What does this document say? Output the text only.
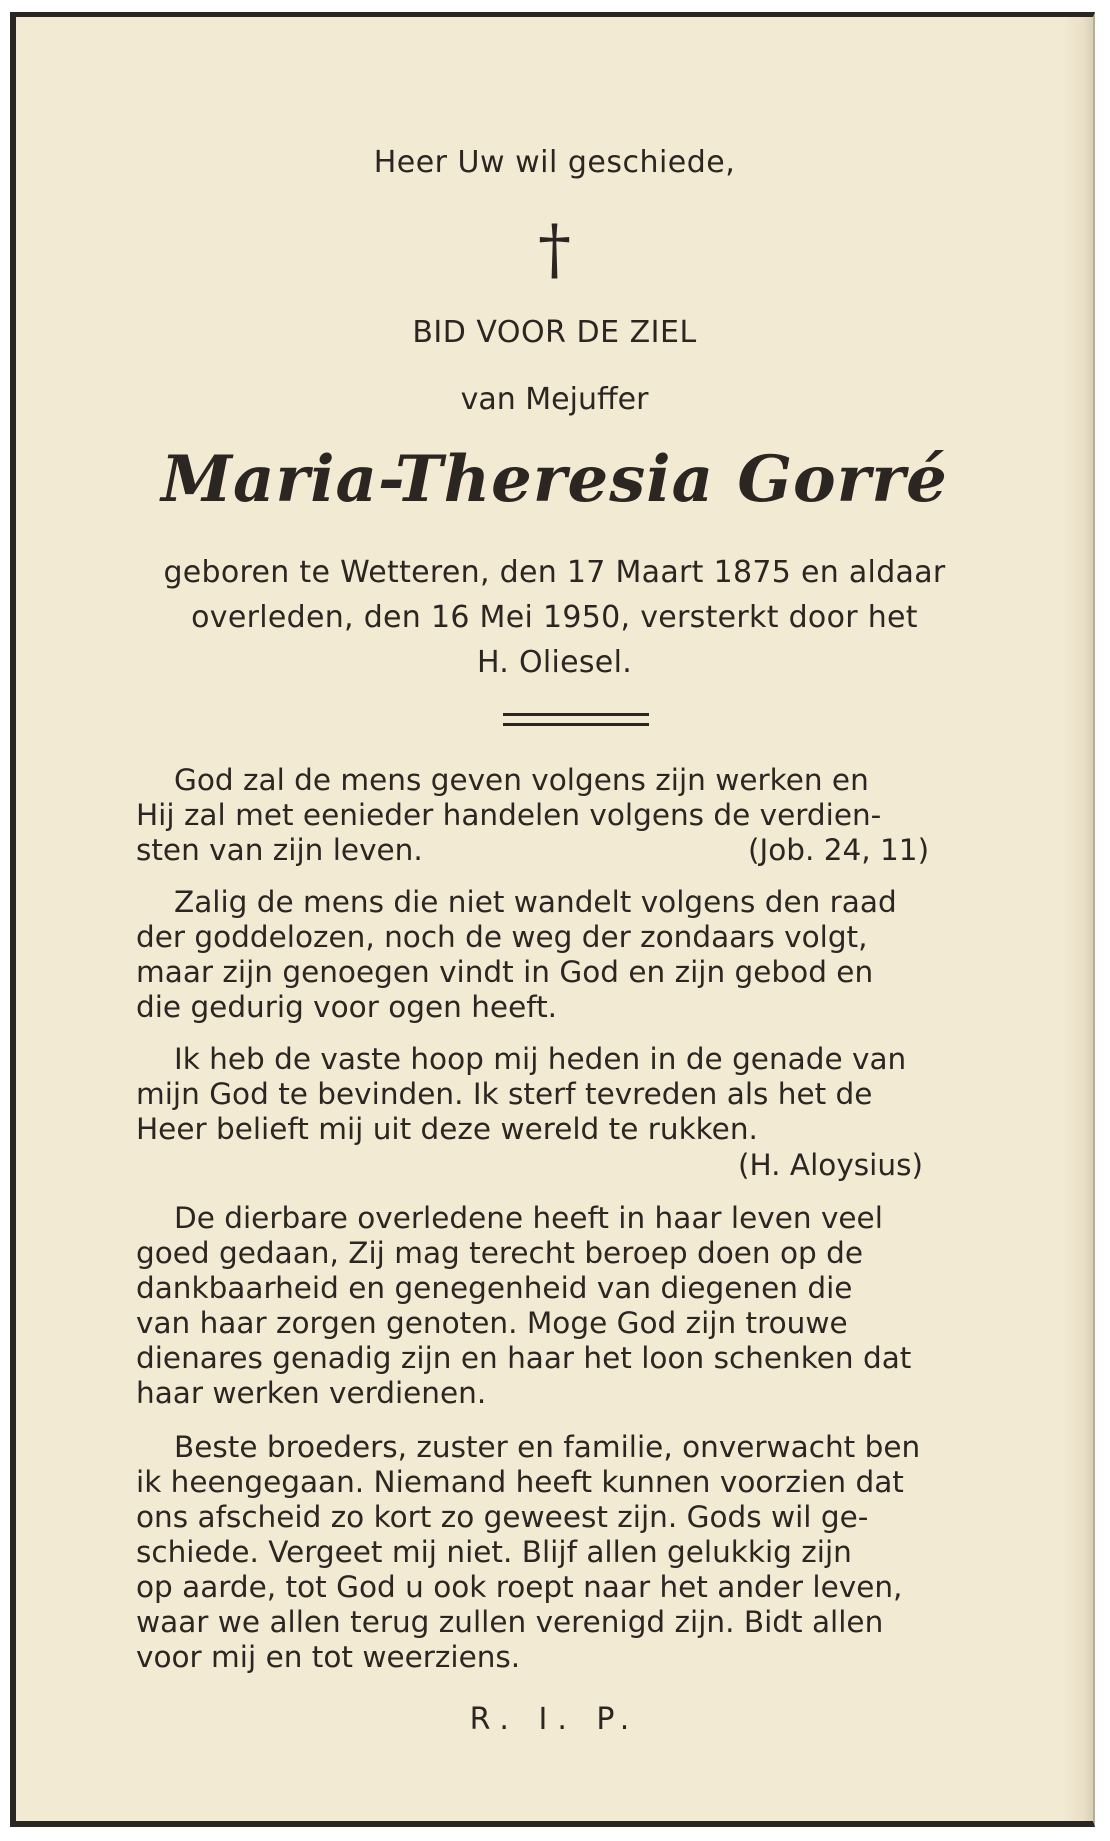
Heer Uw wil geschiede,
†
BID VOOR DE ZIEL
van Mejuffer
Maria-Theresia Gorré
geboren te Wetteren, den 17 Maart 1875 en aldaar
overleden, den 16 Mei 1950, versterkt door het
H. Oliesel.
God zal de mens geven volgens zijn werken en
Hij zal met eenieder handelen volgens de verdien-
sten van zijn leven.	(Job. 24, 11)
Zalig de mens die niet wandelt volgens den raad
der goddelozen, noch de weg der zondaars volgt,
maar zijn genoegen vindt in God en zijn gebod en
die gedurig voor ogen heeft.
Ik heb de vaste hoop mij heden in de genade van
mijn God te bevinden. Ik sterf tevreden als het de
Heer belieft mij uit deze wereld te rukken.
(H. Aloysius)
De dierbare overledene heeft in haar leven veel
goed gedaan, Zij mag terecht beroep doen op de
dankbaarheid en genegenheid van diegenen die
van haar zorgen genoten. Moge God zijn trouwe
dienares genadig zijn en haar het loon schenken dat
haar werken verdienen.
Beste broeders, zuster en familie, onverwacht ben
ik heengegaan. Niemand heeft kunnen voorzien dat
ons afscheid zo kort zo geweest zijn. Gods wil ge-
schiede. Vergeet mij niet. Blijf allen gelukkig zijn
op aarde, tot God u ook roept naar het ander leven,
waar we allen terug zullen verenigd zijn. Bidt allen
voor mij en tot weerziens.
R. I. P.
